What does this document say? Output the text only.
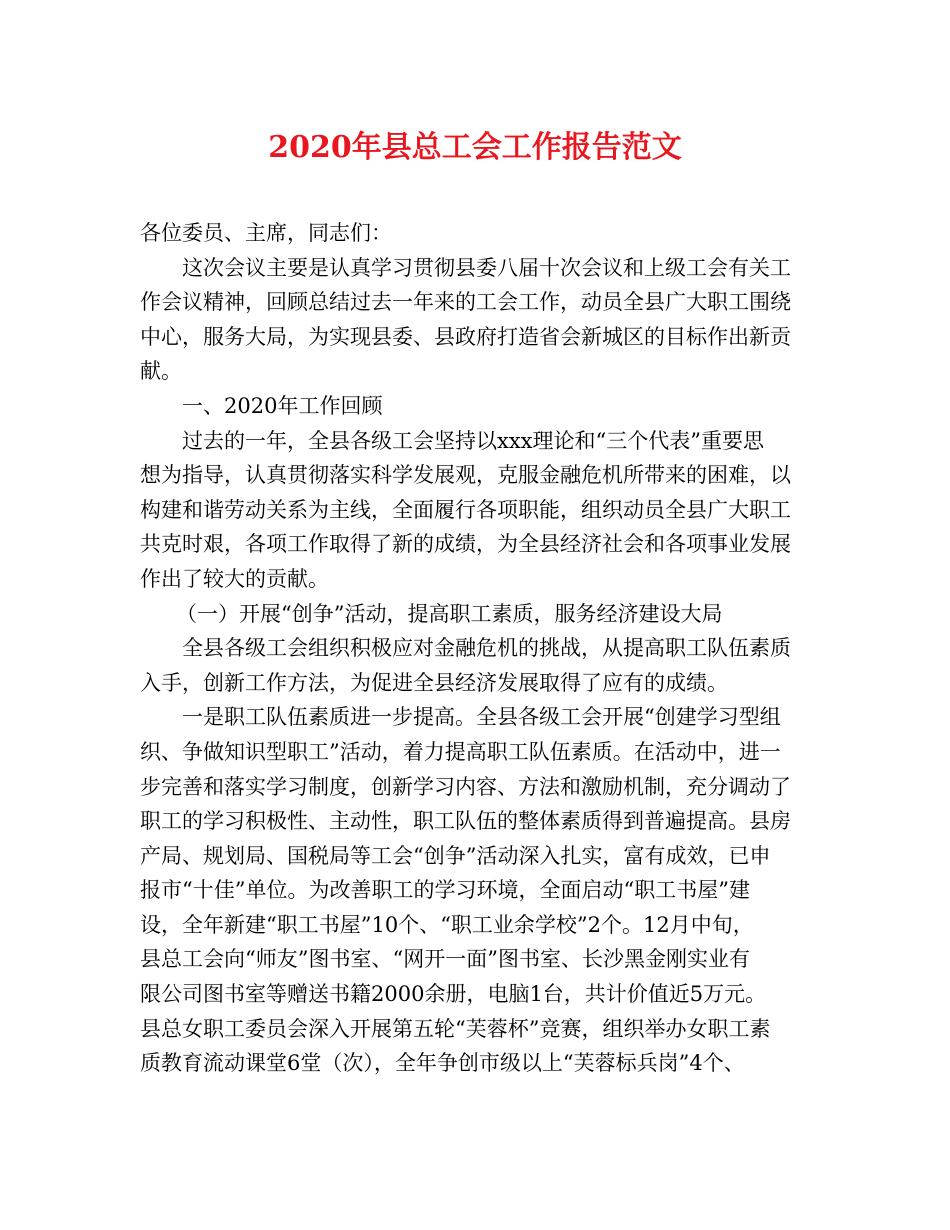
2020年县总工会工作报告范文
各位委员、主席，同志们：
这次会议主要是认真学习贯彻县委八届十次会议和上级工会有关工
作会议精神，回顾总结过去一年来的工会工作，动员全县广大职工围绕
中心，服务大局，为实现县委、县政府打造省会新城区的目标作出新贡
献。
一、2020年工作回顾
过去的一年，全县各级工会坚持以xxx理论和“三个代表”重要思
想为指导，认真贯彻落实科学发展观，克服金融危机所带来的困难，以
构建和谐劳动关系为主线，全面履行各项职能，组织动员全县广大职工
共克时艰，各项工作取得了新的成绩，为全县经济社会和各项事业发展
作出了较大的贡献。
（一）开展“创争”活动，提高职工素质，服务经济建设大局
全县各级工会组织积极应对金融危机的挑战，从提高职工队伍素质
入手，创新工作方法，为促进全县经济发展取得了应有的成绩。
一是职工队伍素质进一步提高。全县各级工会开展“创建学习型组
织、争做知识型职工”活动，着力提高职工队伍素质。在活动中，进一
步完善和落实学习制度，创新学习内容、方法和激励机制，充分调动了
职工的学习积极性、主动性，职工队伍的整体素质得到普遍提高。县房
产局、规划局、国税局等工会“创争”活动深入扎实，富有成效，已申
报市“十佳”单位。为改善职工的学习环境，全面启动“职工书屋”建
设，全年新建“职工书屋”10个、“职工业余学校”2个。12月中旬，
县总工会向“师友”图书室、“网开一面”图书室、长沙黑金刚实业有
限公司图书室等赠送书籍2000余册，电脑1台，共计价值近5万元。
县总女职工委员会深入开展第五轮“芙蓉杯”竞赛，组织举办女职工素
质教育流动课堂6堂（次），全年争创市级以上“芙蓉标兵岗”4个、
